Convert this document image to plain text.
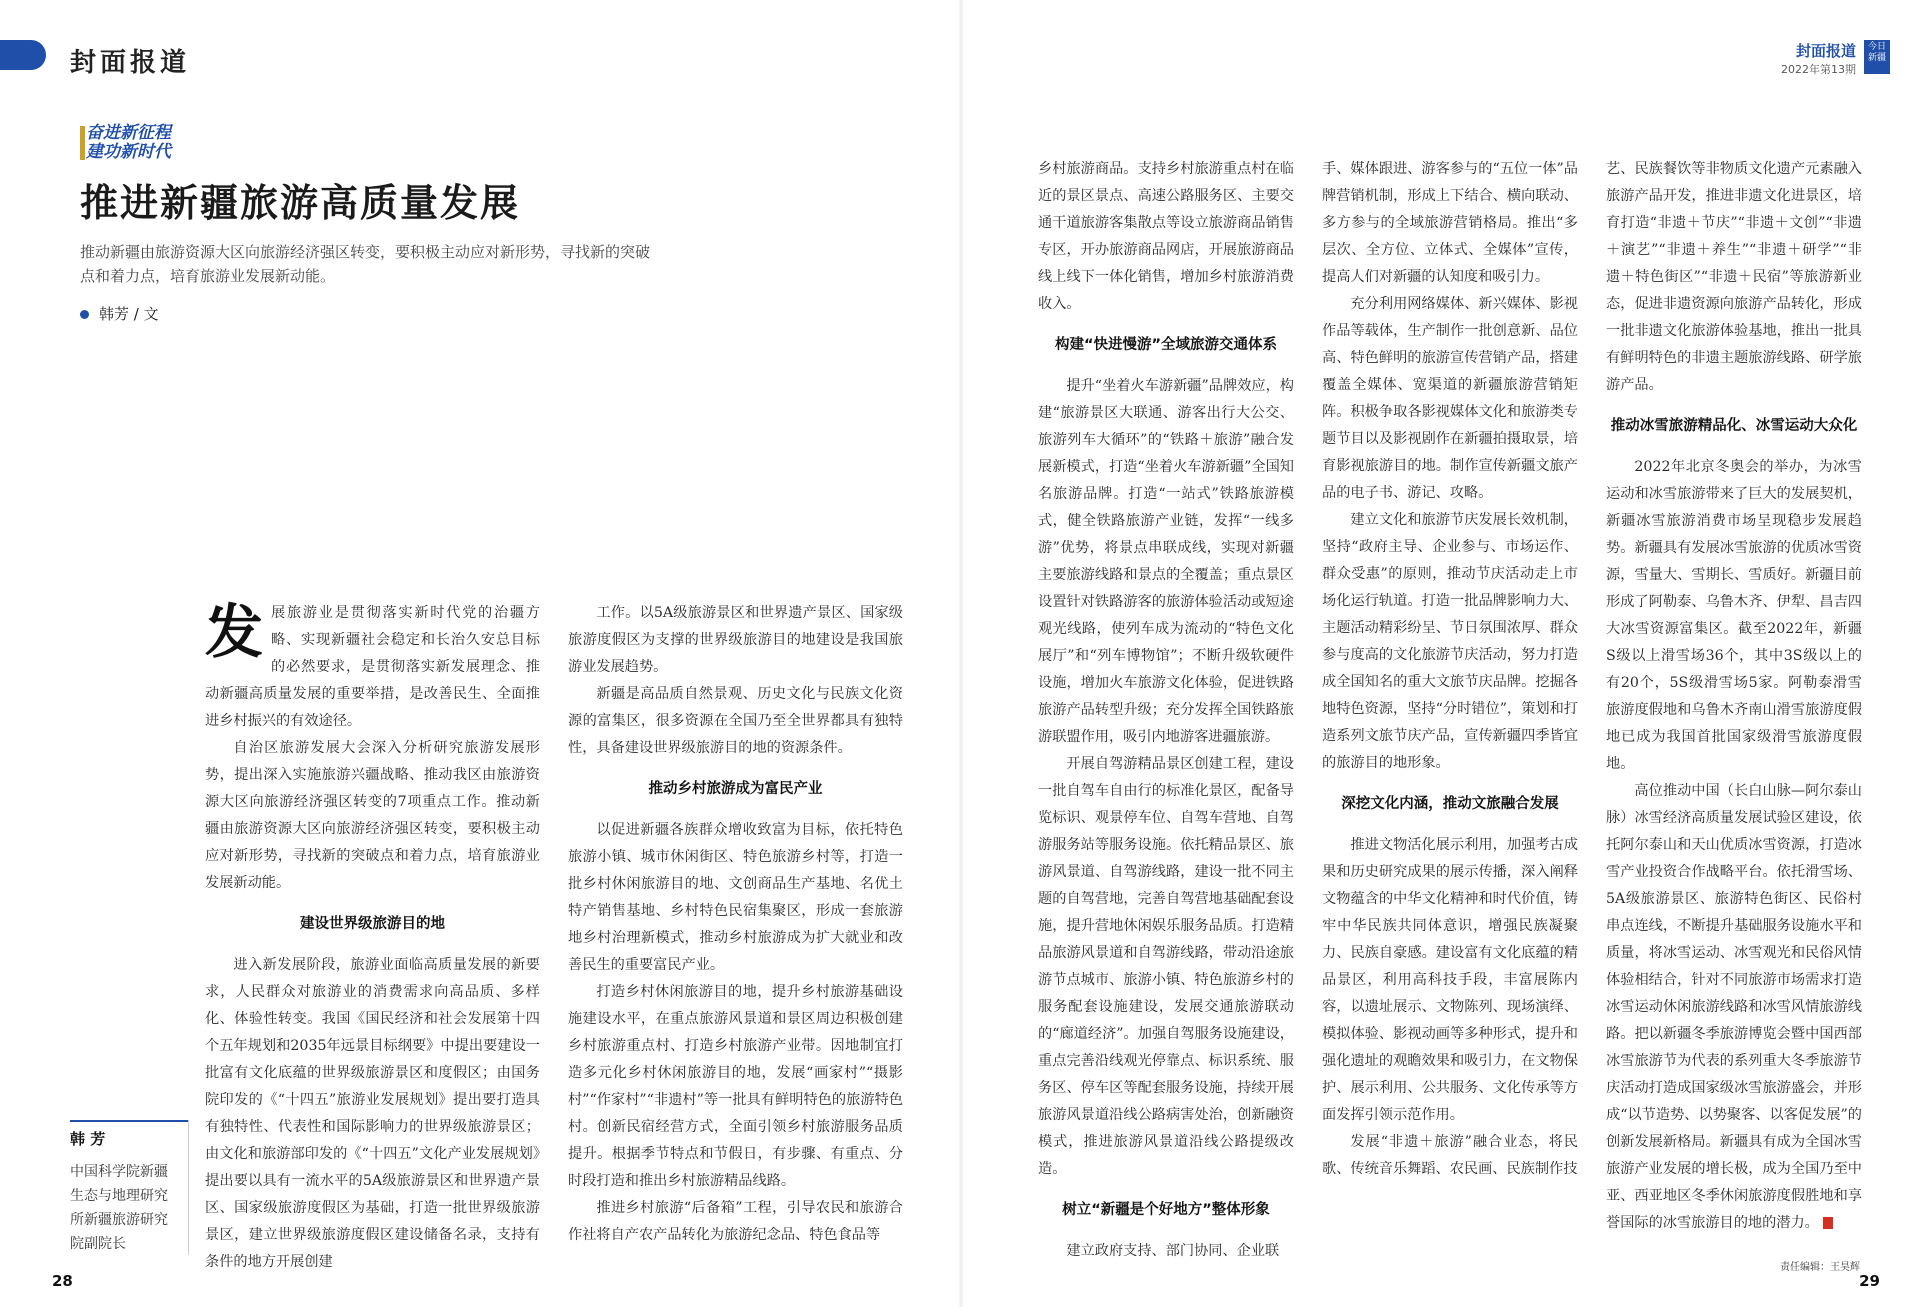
封面报道	封面报道
2022年第13期
今日新疆
奋进新征程
建功新时代
推进新疆旅游高质量发展
推动新疆由旅游资源大区向旅游经济强区转变，要积极主动应对新形势，寻找新的突破点和着力点，培育旅游业发展新动能。
韩芳 / 文

发展旅游业是贯彻落实新时代党的治疆方略、实现新疆社会稳定和长治久安总目标的必然要求，是贯彻落实新发展理念、推动新疆高质量发展的重要举措，是改善民生、全面推进乡村振兴的有效途径。

自治区旅游发展大会深入分析研究旅游发展形势，提出深入实施旅游兴疆战略、推动我区由旅游资源大区向旅游经济强区转变的7项重点工作。推动新疆由旅游资源大区向旅游经济强区转变，要积极主动应对新形势，寻找新的突破点和着力点，培育旅游业发展新动能。

建设世界级旅游目的地

进入新发展阶段，旅游业面临高质量发展的新要求，人民群众对旅游业的消费需求向高品质、多样化、体验性转变。我国《国民经济和社会发展第十四个五年规划和2035年远景目标纲要》中提出要建设一批富有文化底蕴的世界级旅游景区和度假区；由国务院印发的《“十四五”旅游业发展规划》提出要打造具有独特性、代表性和国际影响力的世界级旅游景区；由文化和旅游部印发的《“十四五”文化产业发展规划》提出要以具有一流水平的5A级旅游景区和世界遗产景区、国家级旅游度假区为基础，打造一批世界级旅游景区，建立世界级旅游度假区建设储备名录，支持有条件的地方开展创建

韩 芳
中国科学院新疆生态与地理研究所新疆旅游研究院副院长

工作。以5A级旅游景区和世界遗产景区、国家级旅游度假区为支撑的世界级旅游目的地建设是我国旅游业发展趋势。

新疆是高品质自然景观、历史文化与民族文化资源的富集区，很多资源在全国乃至全世界都具有独特性，具备建设世界级旅游目的地的资源条件。

推动乡村旅游成为富民产业

以促进新疆各族群众增收致富为目标，依托特色旅游小镇、城市休闲街区、特色旅游乡村等，打造一批乡村休闲旅游目的地、文创商品生产基地、名优土特产销售基地、乡村特色民宿集聚区，形成一套旅游地乡村治理新模式，推动乡村旅游成为扩大就业和改善民生的重要富民产业。

打造乡村休闲旅游目的地，提升乡村旅游基础设施建设水平，在重点旅游风景道和景区周边积极创建乡村旅游重点村、打造乡村旅游产业带。因地制宜打造多元化乡村休闲旅游目的地，发展“画家村”“摄影村”“作家村”“非遗村”等一批具有鲜明特色的旅游特色村。创新民宿经营方式，全面引领乡村旅游服务品质提升。根据季节特点和节假日，有步骤、有重点、分时段打造和推出乡村旅游精品线路。

推进乡村旅游“后备箱”工程，引导农民和旅游合作社将自产农产品转化为旅游纪念品、特色食品等

乡村旅游商品。支持乡村旅游重点村在临近的景区景点、高速公路服务区、主要交通干道旅游客集散点等设立旅游商品销售专区，开办旅游商品网店，开展旅游商品线上线下一体化销售，增加乡村旅游消费收入。

构建“快进慢游”全域旅游交通体系

提升“坐着火车游新疆”品牌效应，构建“旅游景区大联通、游客出行大公交、旅游列车大循环”的“铁路＋旅游”融合发展新模式，打造“坐着火车游新疆”全国知名旅游品牌。打造“一站式”铁路旅游模式，健全铁路旅游产业链，发挥“一线多游”优势，将景点串联成线，实现对新疆主要旅游线路和景点的全覆盖；重点景区设置针对铁路游客的旅游体验活动或短途观光线路，使列车成为流动的“特色文化展厅”和“列车博物馆”；不断升级软硬件设施，增加火车旅游文化体验，促进铁路旅游产品转型升级；充分发挥全国铁路旅游联盟作用，吸引内地游客进疆旅游。

开展自驾游精品景区创建工程，建设一批自驾车自由行的标准化景区，配备导览标识、观景停车位、自驾车营地、自驾游服务站等服务设施。依托精品景区、旅游风景道、自驾游线路，建设一批不同主题的自驾营地，完善自驾营地基础配套设施，提升营地休闲娱乐服务品质。打造精品旅游风景道和自驾游线路，带动沿途旅游节点城市、旅游小镇、特色旅游乡村的服务配套设施建设，发展交通旅游联动的“廊道经济”。加强自驾服务设施建设，重点完善沿线观光停靠点、标识系统、服务区、停车区等配套服务设施，持续开展旅游风景道沿线公路病害处治，创新融资模式，推进旅游风景道沿线公路提级改造。

树立“新疆是个好地方”整体形象

建立政府支持、部门协同、企业联

手、媒体跟进、游客参与的“五位一体”品牌营销机制，形成上下结合、横向联动、多方参与的全域旅游营销格局。推出“多层次、全方位、立体式、全媒体”宣传，提高人们对新疆的认知度和吸引力。

充分利用网络媒体、新兴媒体、影视作品等载体，生产制作一批创意新、品位高、特色鲜明的旅游宣传营销产品，搭建覆盖全媒体、宽渠道的新疆旅游营销矩阵。积极争取各影视媒体文化和旅游类专题节目以及影视剧作在新疆拍摄取景，培育影视旅游目的地。制作宣传新疆文旅产品的电子书、游记、攻略。

建立文化和旅游节庆发展长效机制，坚持“政府主导、企业参与、市场运作、群众受惠”的原则，推动节庆活动走上市场化运行轨道。打造一批品牌影响力大、主题活动精彩纷呈、节日氛围浓厚、群众参与度高的文化旅游节庆活动，努力打造成全国知名的重大文旅节庆品牌。挖掘各地特色资源，坚持“分时错位”，策划和打造系列文旅节庆产品，宣传新疆四季皆宜的旅游目的地形象。

深挖文化内涵，推动文旅融合发展

推进文物活化展示利用，加强考古成果和历史研究成果的展示传播，深入阐释文物蕴含的中华文化精神和时代价值，铸牢中华民族共同体意识，增强民族凝聚力、民族自豪感。建设富有文化底蕴的精品景区，利用高科技手段，丰富展陈内容，以遗址展示、文物陈列、现场演绎、模拟体验、影视动画等多种形式，提升和强化遗址的观瞻效果和吸引力，在文物保护、展示利用、公共服务、文化传承等方面发挥引领示范作用。

发展“非遗＋旅游”融合业态，将民歌、传统音乐舞蹈、农民画、民族制作技

艺、民族餐饮等非物质文化遗产元素融入旅游产品开发，推进非遗文化进景区，培育打造“非遗＋节庆”“非遗＋文创”“非遗＋演艺”“非遗＋养生”“非遗＋研学”“非遗＋特色街区”“非遗＋民宿”等旅游新业态，促进非遗资源向旅游产品转化，形成一批非遗文化旅游体验基地，推出一批具有鲜明特色的非遗主题旅游线路、研学旅游产品。

推动冰雪旅游精品化、冰雪运动大众化

2022年北京冬奥会的举办，为冰雪运动和冰雪旅游带来了巨大的发展契机，新疆冰雪旅游消费市场呈现稳步发展趋势。新疆具有发展冰雪旅游的优质冰雪资源，雪量大、雪期长、雪质好。新疆目前形成了阿勒泰、乌鲁木齐、伊犁、昌吉四大冰雪资源富集区。截至2022年，新疆S级以上滑雪场36个，其中3S级以上的有20个，5S级滑雪场5家。阿勒泰滑雪旅游度假地和乌鲁木齐南山滑雪旅游度假地已成为我国首批国家级滑雪旅游度假地。

高位推动中国（长白山脉—阿尔泰山脉）冰雪经济高质量发展试验区建设，依托阿尔泰山和天山优质冰雪资源，打造冰雪产业投资合作战略平台。依托滑雪场、5A级旅游景区、旅游特色街区、民俗村串点连线，不断提升基础服务设施水平和质量，将冰雪运动、冰雪观光和民俗风情体验相结合，针对不同旅游市场需求打造冰雪运动休闲旅游线路和冰雪风情旅游线路。把以新疆冬季旅游博览会暨中国西部冰雪旅游节为代表的系列重大冬季旅游节庆活动打造成国家级冰雪旅游盛会，并形成“以节造势、以势聚客、以客促发展”的创新发展新格局。新疆具有成为全国冰雪旅游产业发展的增长极，成为全国乃至中亚、西亚地区冬季休闲旅游度假胜地和享誉国际的冰雪旅游目的地的潜力。

28	29
责任编辑：王昊辉
